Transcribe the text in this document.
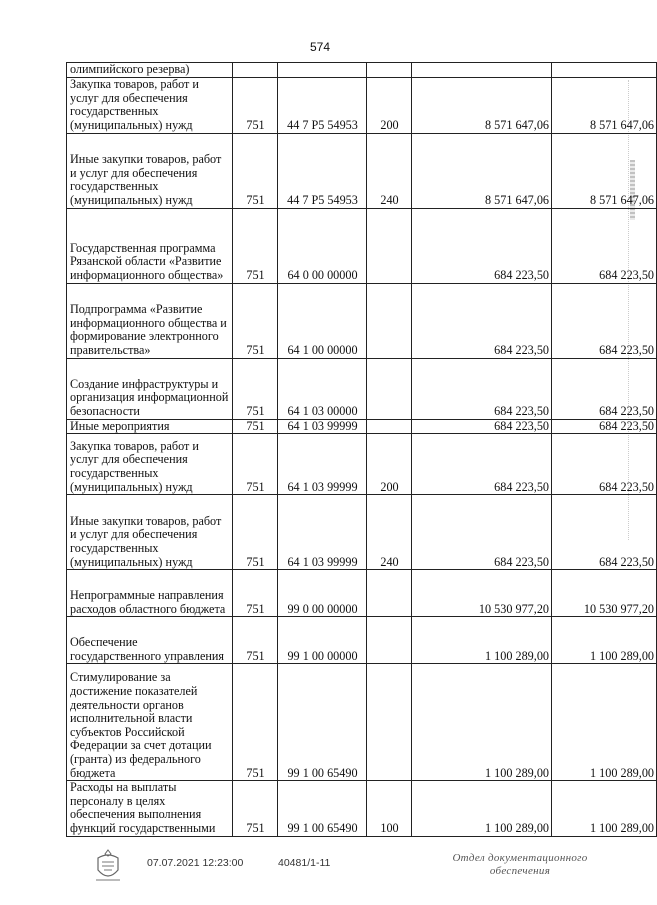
574
олимпийского резерва)					
Закупка товаров, работ и услуг для обеспечения государственных (муниципальных) нужд	751	44 7 P5 54953	200	8 571 647,06	8 571 647,06
Иные закупки товаров, работ и услуг для обеспечения государственных (муниципальных) нужд	751	44 7 P5 54953	240	8 571 647,06	8 571 647,06
Государственная программа Рязанской области «Развитие информационного общества»	751	64 0 00 00000		684 223,50	684 223,50
Подпрограмма «Развитие информационного общества и формирование электронного правительства»	751	64 1 00 00000		684 223,50	684 223,50
Создание инфраструктуры и организация информационной безопасности	751	64 1 03 00000		684 223,50	684 223,50
Иные мероприятия	751	64 1 03 99999		684 223,50	684 223,50
Закупка товаров, работ и услуг для обеспечения государственных (муниципальных) нужд	751	64 1 03 99999	200	684 223,50	684 223,50
Иные закупки товаров, работ и услуг для обеспечения государственных (муниципальных) нужд	751	64 1 03 99999	240	684 223,50	684 223,50
Непрограммные направления расходов областного бюджета	751	99 0 00 00000		10 530 977,20	10 530 977,20
Обеспечение государственного управления	751	99 1 00 00000		1 100 289,00	1 100 289,00
Стимулирование за достижение показателей деятельности органов исполнительной власти субъектов Российской Федерации за счет дотации (гранта) из федерального бюджета	751	99 1 00 65490		1 100 289,00	1 100 289,00
Расходы на выплаты персоналу в целях обеспечения выполнения функций государственными	751	99 1 00 65490	100	1 100 289,00	1 100 289,00
07.07.2021 12:23:00	40481/1-11	Отдел документационного
обеспечения
